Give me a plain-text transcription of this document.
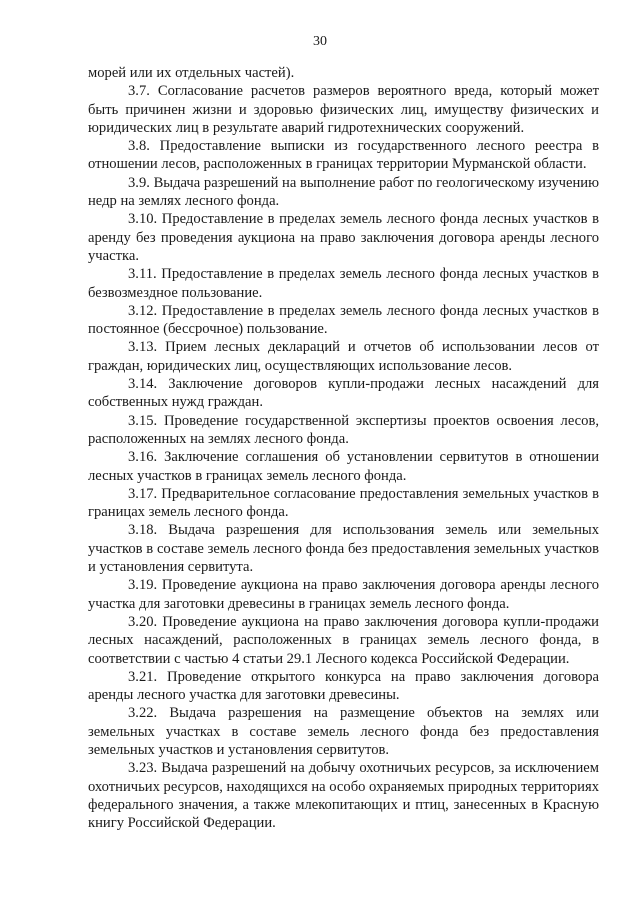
30

морей или их отдельных частей).

3.7. Согласование расчетов размеров вероятного вреда, который может быть причинен жизни и здоровью физических лиц, имуществу физических и юридических лиц в результате аварий гидротехнических сооружений.

3.8. Предоставление выписки из государственного лесного реестра в отношении лесов, расположенных в границах территории Мурманской области.

3.9. Выдача разрешений на выполнение работ по геологическому изучению недр на землях лесного фонда.

3.10. Предоставление в пределах земель лесного фонда лесных участков в аренду без проведения аукциона на право заключения договора аренды лесного участка.

3.11. Предоставление в пределах земель лесного фонда лесных участков в безвозмездное пользование.

3.12. Предоставление в пределах земель лесного фонда лесных участков в постоянное (бессрочное) пользование.

3.13. Прием лесных деклараций и отчетов об использовании лесов от граждан, юридических лиц, осуществляющих использование лесов.

3.14. Заключение договоров купли-продажи лесных насаждений для собственных нужд граждан.

3.15. Проведение государственной экспертизы проектов освоения лесов, расположенных на землях лесного фонда.

3.16. Заключение соглашения об установлении сервитутов в отношении лесных участков в границах земель лесного фонда.

3.17. Предварительное согласование предоставления земельных участков в границах земель лесного фонда.

3.18. Выдача разрешения для использования земель или земельных участков в составе земель лесного фонда без предоставления земельных участков и установления сервитута.

3.19. Проведение аукциона на право заключения договора аренды лесного участка для заготовки древесины в границах земель лесного фонда.

3.20. Проведение аукциона на право заключения договора купли-продажи лесных насаждений, расположенных в границах земель лесного фонда, в соответствии с частью 4 статьи 29.1 Лесного кодекса Российской Федерации.

3.21. Проведение открытого конкурса на право заключения договора аренды лесного участка для заготовки древесины.

3.22. Выдача разрешения на размещение объектов на землях или земельных участках в составе земель лесного фонда без предоставления земельных участков и установления сервитутов.

3.23. Выдача разрешений на добычу охотничьих ресурсов, за исключением охотничьих ресурсов, находящихся на особо охраняемых природных территориях федерального значения, а также млекопитающих и птиц, занесенных в Красную книгу Российской Федерации.
